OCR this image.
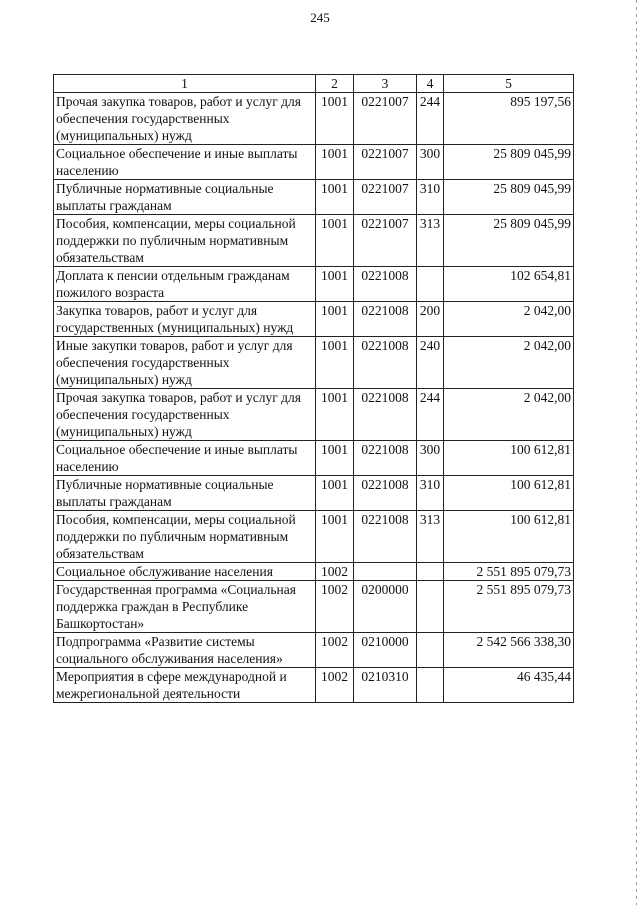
245
1	2	3	4	5
Прочая закупка товаров, работ и услуг для обеспечения государственных (муниципальных) нужд	1001	0221007	244	895 197,56
Социальное обеспечение и иные выплаты населению	1001	0221007	300	25 809 045,99
Публичные нормативные социальные выплаты гражданам	1001	0221007	310	25 809 045,99
Пособия, компенсации, меры социальной поддержки по публичным нормативным обязательствам	1001	0221007	313	25 809 045,99
Доплата к пенсии отдельным гражданам пожилого возраста	1001	0221008		102 654,81
Закупка товаров, работ и услуг для государственных (муниципальных) нужд	1001	0221008	200	2 042,00
Иные закупки товаров, работ и услуг для обеспечения государственных (муниципальных) нужд	1001	0221008	240	2 042,00
Прочая закупка товаров, работ и услуг для обеспечения государственных (муниципальных) нужд	1001	0221008	244	2 042,00
Социальное обеспечение и иные выплаты населению	1001	0221008	300	100 612,81
Публичные нормативные социальные выплаты гражданам	1001	0221008	310	100 612,81
Пособия, компенсации, меры социальной поддержки по публичным нормативным обязательствам	1001	0221008	313	100 612,81
Социальное обслуживание населения	1002			2 551 895 079,73
Государственная программа «Социальная поддержка граждан в Республике Башкортостан»	1002	0200000		2 551 895 079,73
Подпрограмма «Развитие системы социального обслуживания населения»	1002	0210000		2 542 566 338,30
Мероприятия в сфере международной и межрегиональной деятельности	1002	0210310		46 435,44
